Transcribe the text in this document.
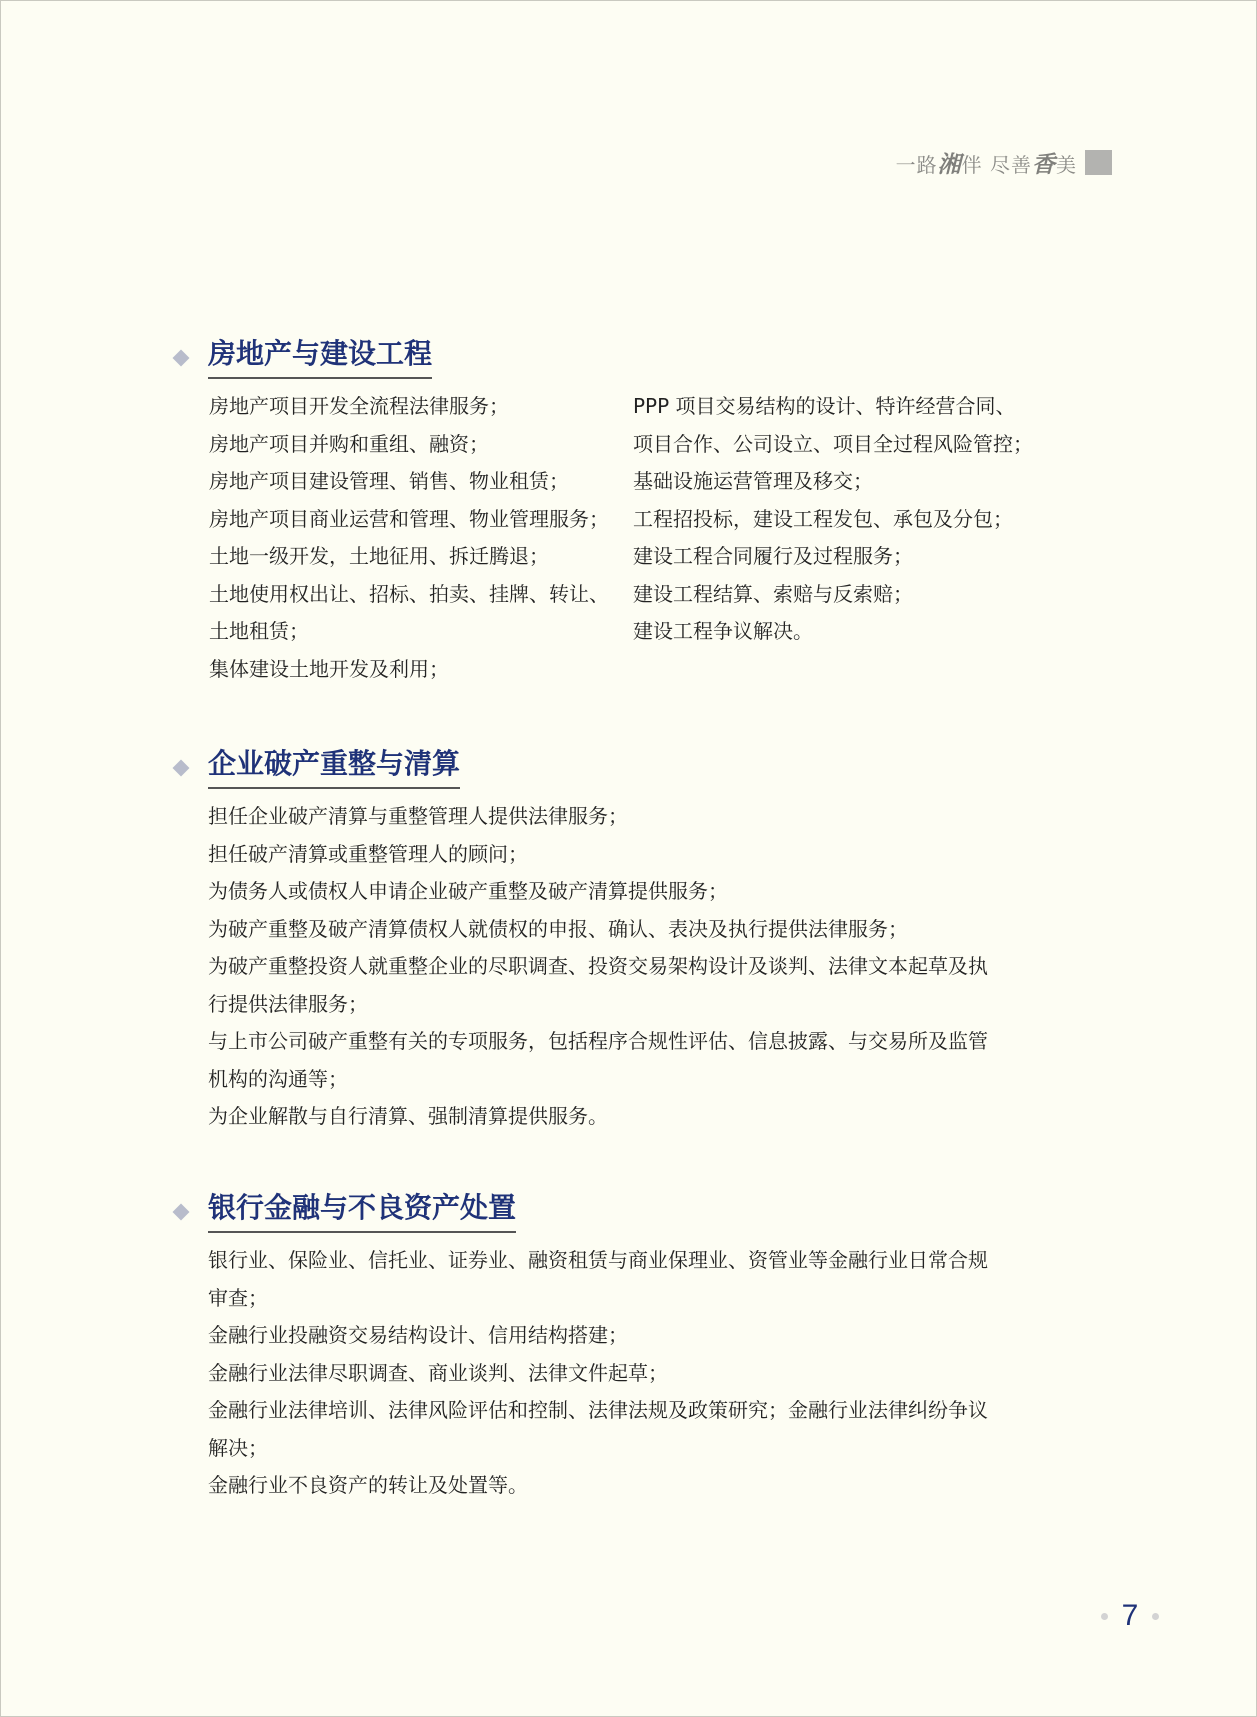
一路湘伴 尽善香美
房地产与建设工程
房地产项目开发全流程法律服务；
房地产项目并购和重组、融资；
房地产项目建设管理、销售、物业租赁；
房地产项目商业运营和管理、物业管理服务；
土地一级开发，土地征用、拆迁腾退；
土地使用权出让、招标、拍卖、挂牌、转让、
土地租赁；
集体建设土地开发及利用；
PPP 项目交易结构的设计、特许经营合同、
项目合作、公司设立、项目全过程风险管控；
基础设施运营管理及移交；
工程招投标，建设工程发包、承包及分包；
建设工程合同履行及过程服务；
建设工程结算、索赔与反索赔；
建设工程争议解决。
企业破产重整与清算
担任企业破产清算与重整管理人提供法律服务；
担任破产清算或重整管理人的顾问；
为债务人或债权人申请企业破产重整及破产清算提供服务；
为破产重整及破产清算债权人就债权的申报、确认、表决及执行提供法律服务；
为破产重整投资人就重整企业的尽职调查、投资交易架构设计及谈判、法律文本起草及执
行提供法律服务；
与上市公司破产重整有关的专项服务，包括程序合规性评估、信息披露、与交易所及监管
机构的沟通等；
为企业解散与自行清算、强制清算提供服务。
银行金融与不良资产处置
银行业、保险业、信托业、证券业、融资租赁与商业保理业、资管业等金融行业日常合规
审查；
金融行业投融资交易结构设计、信用结构搭建；
金融行业法律尽职调查、商业谈判、法律文件起草；
金融行业法律培训、法律风险评估和控制、法律法规及政策研究；金融行业法律纠纷争议
解决；
金融行业不良资产的转让及处置等。
7
